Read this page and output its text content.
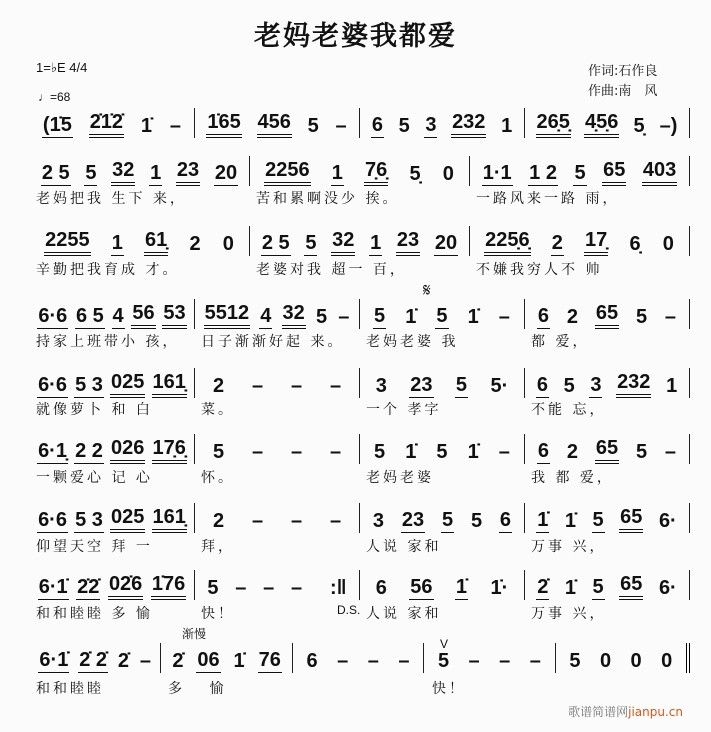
老妈老婆我都爱
1=♭E 4/4
♩=68
作词:石作良
作曲:南　风
𝄋
D.S.
渐慢
V
(1̇5 2̇1̇2̇ 1̇ – 1̇65 456 5 – 6 5 3 232 1 26̣5̣ 4̣5̣6 5̣ –)
2 5 5 32 1 23 20 2256 1 7̣6̣ 5̣ 0 1·1 1 2 5 65 403
老妈把我 生下 来，	苦和累啊没少 挨。	一路风来一路 雨，
2255 1 61̣ 2 0 2 5 5 32 1 23 20 225̣6̣ 2 17̣ 6̣ 0
辛勤把我育成 才。	老婆对我 超一 百，	不嫌我穷人不 帅
6·6 6 5 4 56 53 5512 4 32 5 – 5 1̇ 5 1̇ – 6 2 65 5 –
持家上班带小 孩，	日子渐渐好起 来。	老妈老婆 我	都 爱，
6·6 5 3 025 161̣ 2 – – – 3 23 5 5· 6 5 3 232 1
就像萝卜 和 白	菜。	一个 孝字	不能 忘，
6·1̣ 2 2 026 17̣6̣ 5 – – – 5 1̇ 5 1̇ – 6 2 65 5 –
一颗爱心 记 心	怀。	老妈老婆	我 都 爱，
6·6 5 3 025 161̣ 2 – – – 3 23 5 5 6 1̇ 1̇ 5 65 6·
仰望天空 拜 一	拜，	人说 家和	万事 兴，
6·1̇ 2̇2̇ 02̇6 1̇76 5 – – – :‖ 6 56 1̇ 1̇· 2̇ 1̇ 5 65 6·
和和睦睦 多 愉	快！	人说 家和	万事 兴，
6·1̇ 2̇ 2̇ 2̇ – 2̇ 06 1̇ 76 6 – – – 5 – – – 5 0 0 0
和和睦睦	多　 愉	快！
歌谱简谱网jianpu.cn
